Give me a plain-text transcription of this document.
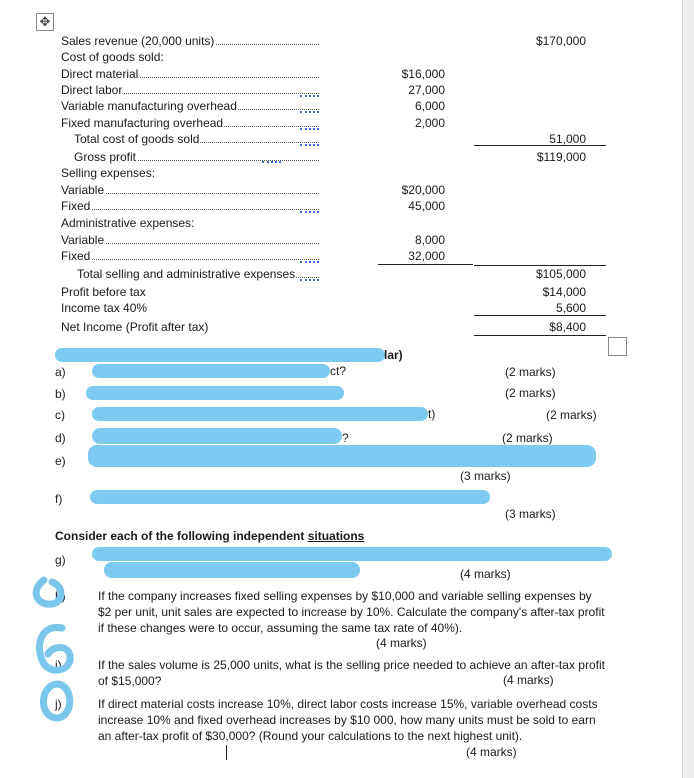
✥
Sales revenue (20,000 units)	$170,000
Cost of goods sold:
Direct material	$16,000
Direct labor	27,000
Variable manufacturing overhead	6,000
Fixed manufacturing overhead	2,000
Total cost of goods sold	51,000
Gross profit	$119,000
Selling expenses:
Variable	$20,000
Fixed	45,000
Administrative expenses:
Variable	8,000
Fixed	32,000
Total selling and administrative expenses	$105,000
Profit before tax	$14,000
Income tax 40%	5,600
Net Income (Profit after tax)	$8,400
lar)
a)	ct?	(2 marks)
b)	(2 marks)
c)	t)	(2 marks)
d)	?	(2 marks)
e)
(3 marks)
f)
(3 marks)
Consider each of the following independent situations
g)
(4 marks)
h)	If the company increases fixed selling expenses by $10,000 and variable selling expenses by $2 per unit, unit sales are expected to increase by 10%. Calculate the company's after-tax profit if these changes were to occur, assuming the same tax rate of 40%).
(4 marks)
i)	If the sales volume is 25,000 units, what is the selling price needed to achieve an after-tax profit of $15,000?	(4 marks)
j)	If direct material costs increase 10%, direct labor costs increase 15%, variable overhead costs increase 10% and fixed overhead increases by $10 000, how many units must be sold to earn an after-tax profit of $30,000? (Round your calculations to the next highest unit).
(4 marks)
